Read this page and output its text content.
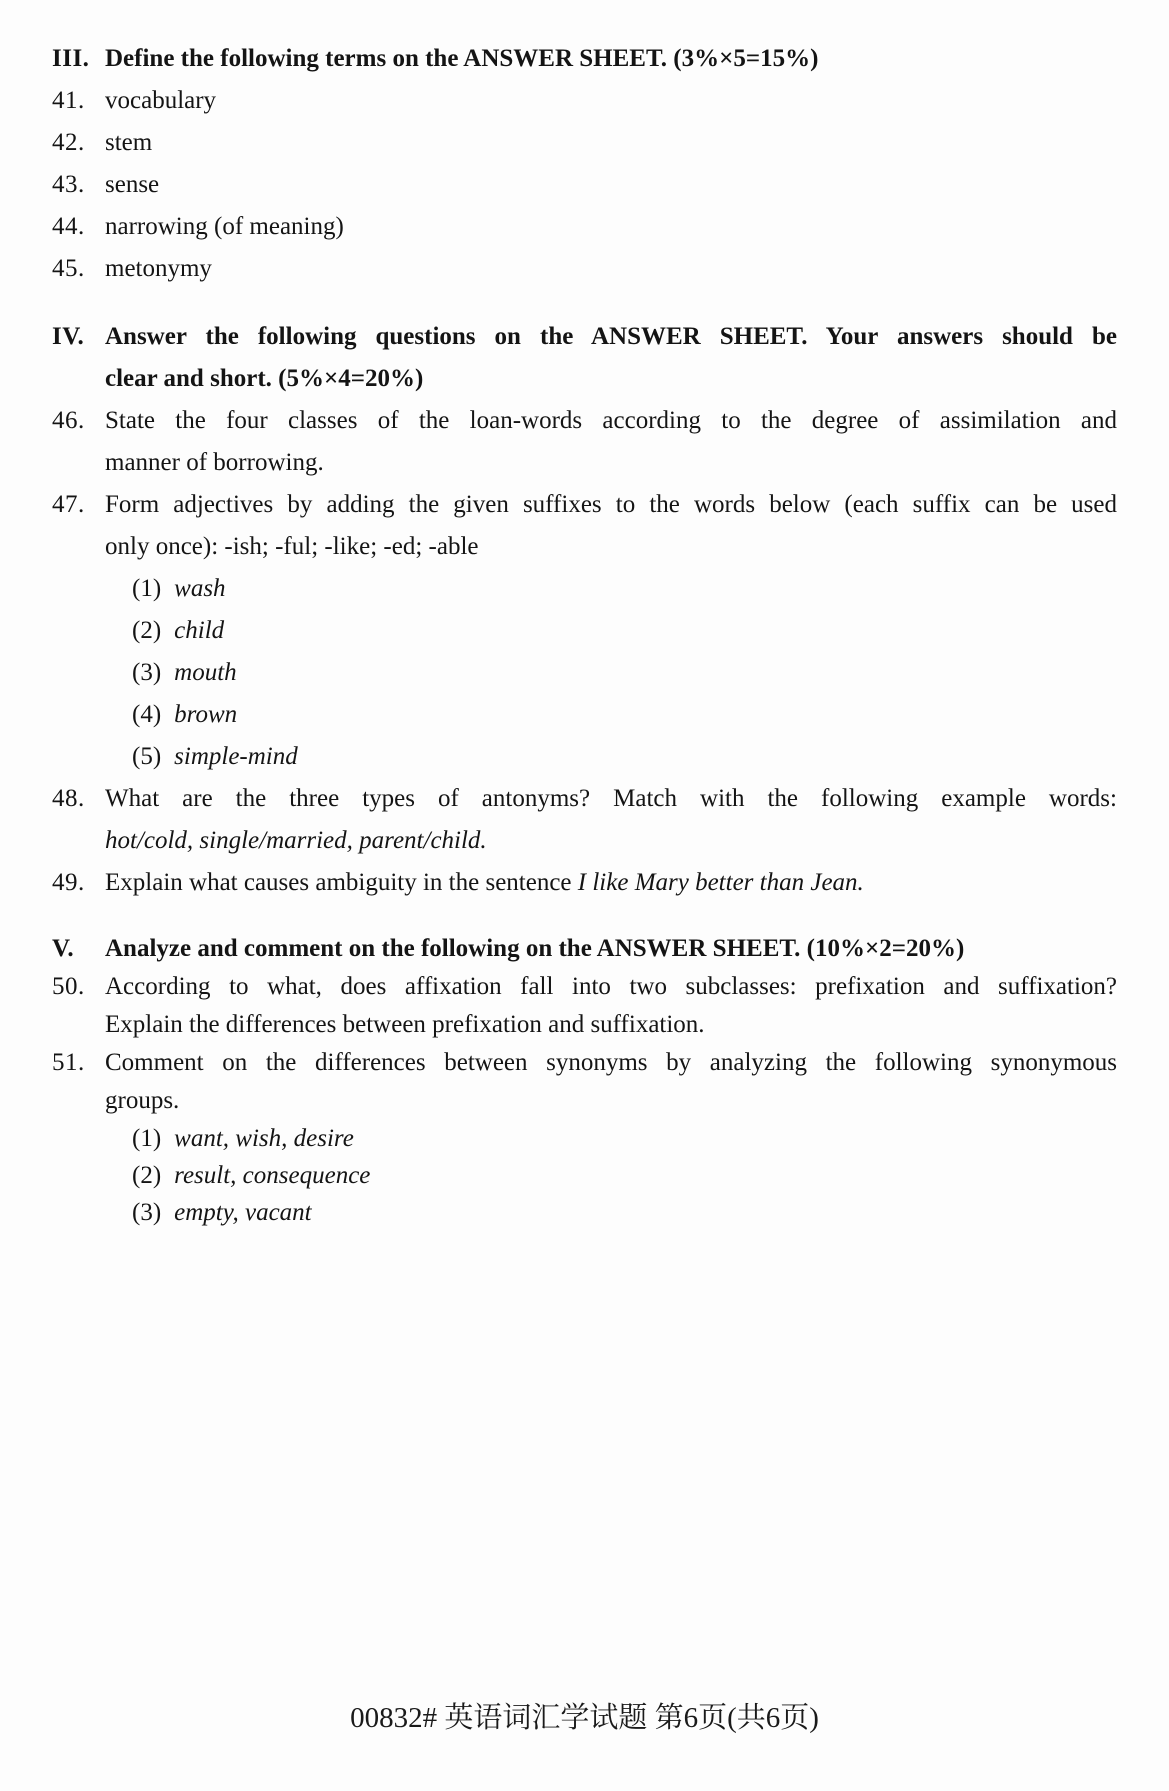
III. Define the following terms on the ANSWER SHEET. (3%×5=15%)
41. vocabulary
42. stem
43. sense
44. narrowing (of meaning)
45. metonymy
IV. Answer the following questions on the ANSWER SHEET. Your answers should be
clear and short. (5%×4=20%)
46. State the four classes of the loan-words according to the degree of assimilation and
manner of borrowing.
47. Form adjectives by adding the given suffixes to the words below (each suffix can be used
only once): -ish; -ful; -like; -ed; -able
(1) wash
(2) child
(3) mouth
(4) brown
(5) simple-mind
48. What are the three types of antonyms? Match with the following example words:
hot/cold, single/married, parent/child.
49. Explain what causes ambiguity in the sentence I like Mary better than Jean.
V.	Analyze and comment on the following on the ANSWER SHEET. (10%×2=20%)
50. According to what, does affixation fall into two subclasses: prefixation and suffixation?
Explain the differences between prefixation and suffixation.
51. Comment on the differences between synonyms by analyzing the following synonymous
groups.
(1) want, wish, desire
(2) result, consequence
(3) empty, vacant
00832# 英语词汇学试题 第6页(共6页)
